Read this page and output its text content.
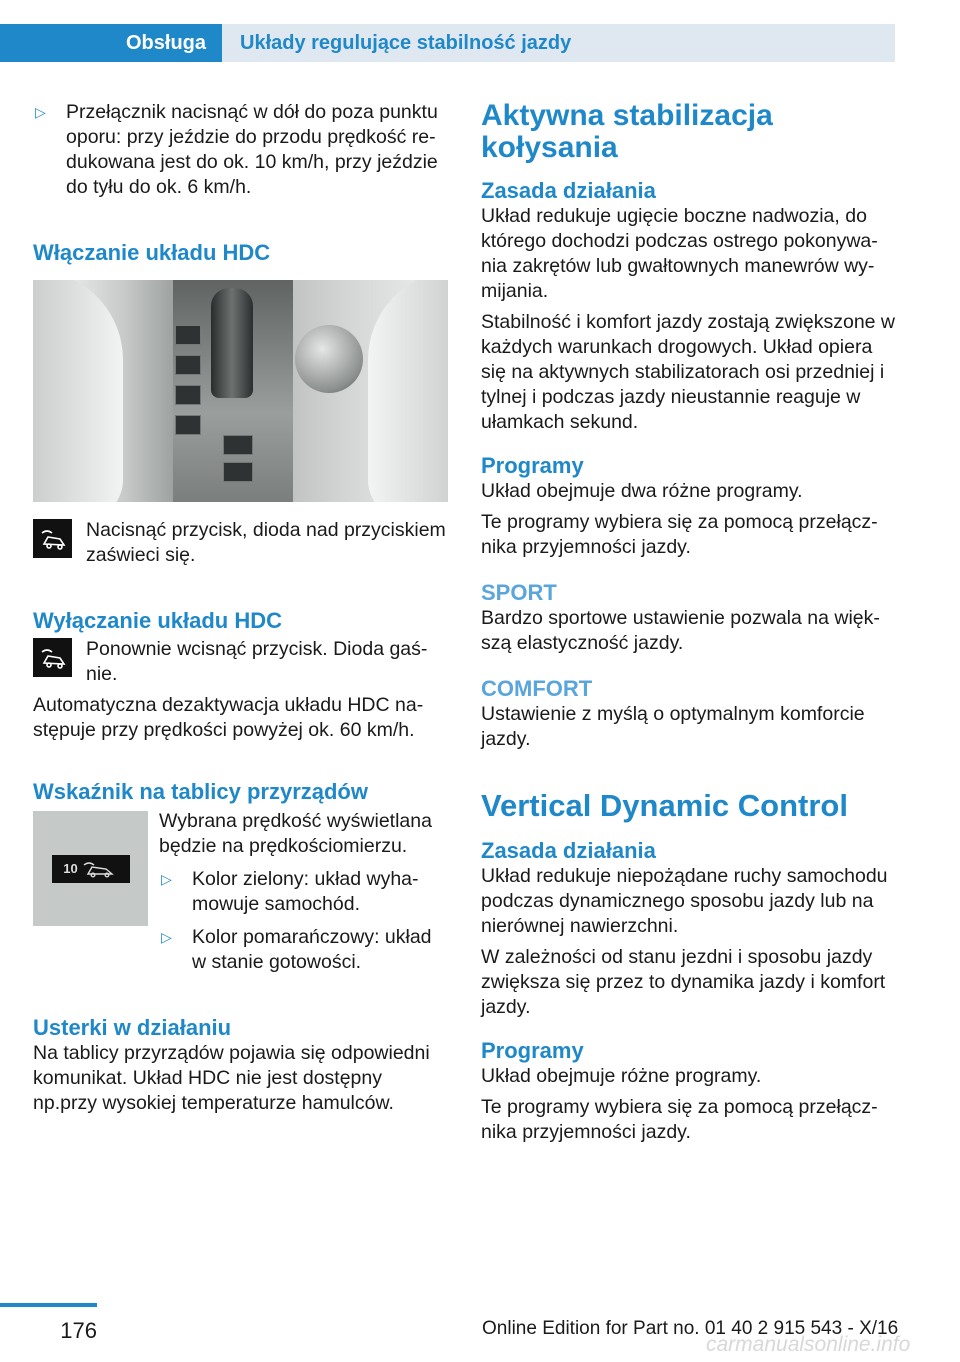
Obsługa Układy regulujące stabilność jazdy
▷	Przełącznik nacisnąć w dół do poza punktu oporu: przy jeździe do przodu prędkość redukowana jest do ok. 10 km/h, przy jeździe do tyłu do ok. 6 km/h.
Włączanie układu HDC
Nacisnąć przycisk, dioda nad przyciskiem zaświeci się.
Wyłączanie układu HDC
Ponownie wcisnąć przycisk. Dioda gaśnie.

Automatyczna dezaktywacja układu HDC następuje przy prędkości powyżej ok. 60 km/h.

Wskaźnik na tablicy przyrządów
10

Wybrana prędkość wyświetlana będzie na prędkościomierzu.

▷	Kolor zielony: układ wyhamowuje samochód.
▷	Kolor pomarańczowy: układ w stanie gotowości.
Usterki w działaniu

Na tablicy przyrządów pojawia się odpowiedni komunikat. Układ HDC nie jest dostępny np.przy wysokiej temperaturze hamulców.

Aktywna stabilizacja kołysania
Zasada działania

Układ redukuje ugięcie boczne nadwozia, do którego dochodzi podczas ostrego pokonywania zakrętów lub gwałtownych manewrów wymijania.

Stabilność i komfort jazdy zostają zwiększone w każdych warunkach drogowych. Układ opiera się na aktywnych stabilizatorach osi przedniej i tylnej i podczas jazdy nieustannie reaguje w ułamkach sekund.

Programy

Układ obejmuje dwa różne programy.

Te programy wybiera się za pomocą przełącznika przyjemności jazdy.

SPORT

Bardzo sportowe ustawienie pozwala na większą elastyczność jazdy.

COMFORT

Ustawienie z myślą o optymalnym komforcie jazdy.

Vertical Dynamic Control
Zasada działania

Układ redukuje niepożądane ruchy samochodu podczas dynamicznego sposobu jazdy lub na nierównej nawierzchni.

W zależności od stanu jezdni i sposobu jazdy zwiększa się przez to dynamika jazdy i komfort jazdy.

Programy

Układ obejmuje różne programy.

Te programy wybiera się za pomocą przełącznika przyjemności jazdy.

176	Online Edition for Part no. 01 40 2 915 543 - X/16
carmanualsonline.info
